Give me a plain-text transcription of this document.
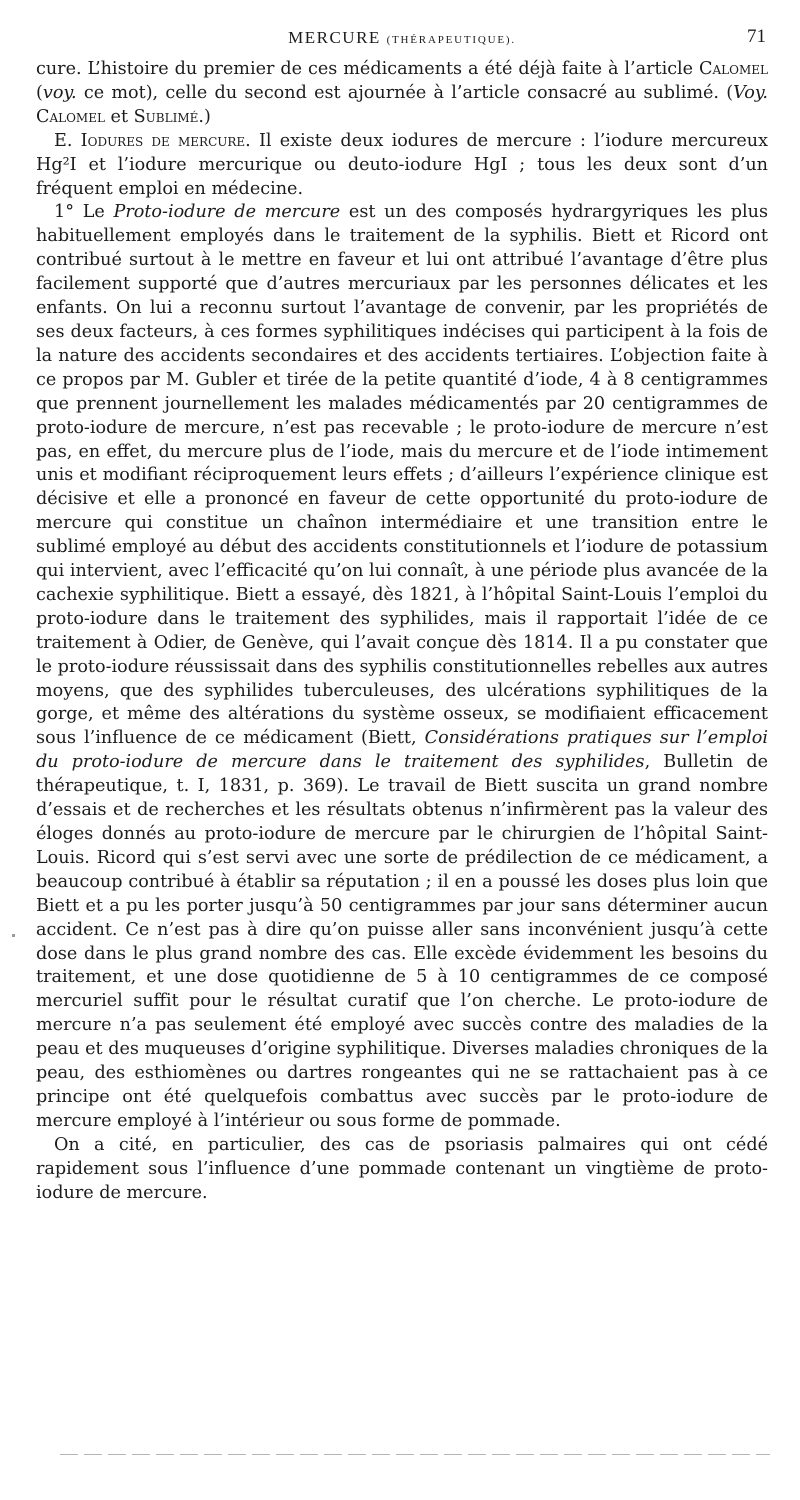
MERCURE (THÉRAPEUTIQUE).	71

cure. L’histoire du premier de ces médicaments a été déjà faite à l’article Calomel (voy. ce mot), celle du second est ajournée à l’article consacré au sublimé. (Voy. Calomel et Sublimé.)

E. Iodures de mercure. Il existe deux iodures de mercure : l’iodure mercureux Hg²I et l’iodure mercurique ou deuto-iodure HgI ; tous les deux sont d’un fréquent emploi en médecine.

1° Le Proto-iodure de mercure est un des composés hydrargyriques les plus habituellement employés dans le traitement de la syphilis. Biett et Ricord ont contribué surtout à le mettre en faveur et lui ont attribué l’avantage d’être plus facilement supporté que d’autres mercuriaux par les personnes délicates et les enfants. On lui a reconnu surtout l’avantage de convenir, par les propriétés de ses deux facteurs, à ces formes syphilitiques indécises qui participent à la fois de la nature des accidents secondaires et des accidents tertiaires. L’objection faite à ce propos par M. Gubler et tirée de la petite quantité d’iode, 4 à 8 centigrammes que prennent journellement les malades médicamentés par 20 centigrammes de proto-iodure de mercure, n’est pas recevable ; le proto-iodure de mercure n’est pas, en effet, du mercure plus de l’iode, mais du mercure et de l’iode intimement unis et modifiant réciproquement leurs effets ; d’ailleurs l’expérience clinique est décisive et elle a prononcé en faveur de cette opportunité du proto-iodure de mercure qui constitue un chaînon intermédiaire et une transition entre le sublimé employé au début des accidents constitutionnels et l’iodure de potassium qui intervient, avec l’efficacité qu’on lui connaît, à une période plus avancée de la cachexie syphilitique. Biett a essayé, dès 1821, à l’hôpital Saint-Louis l’emploi du proto-iodure dans le traitement des syphilides, mais il rapportait l’idée de ce traitement à Odier, de Genève, qui l’avait conçue dès 1814. Il a pu constater que le proto-iodure réussissait dans des syphilis constitutionnelles rebelles aux autres moyens, que des syphilides tuberculeuses, des ulcérations syphilitiques de la gorge, et même des altérations du système osseux, se modifiaient efficacement sous l’influence de ce médicament (Biett, Considérations pratiques sur l’emploi du proto-iodure de mercure dans le traitement des syphilides, Bulletin de thérapeutique, t. I, 1831, p. 369). Le travail de Biett suscita un grand nombre d’essais et de recherches et les résultats obtenus n’infirmèrent pas la valeur des éloges donnés au proto-iodure de mercure par le chirurgien de l’hôpital Saint-Louis. Ricord qui s’est servi avec une sorte de prédilection de ce médicament, a beaucoup contribué à établir sa réputation ; il en a poussé les doses plus loin que Biett et a pu les porter jusqu’à 50 centigrammes par jour sans déterminer aucun accident. Ce n’est pas à dire qu’on puisse aller sans inconvénient jusqu’à cette dose dans le plus grand nombre des cas. Elle excède évidemment les besoins du traitement, et une dose quotidienne de 5 à 10 centigrammes de ce composé mercuriel suffit pour le résultat curatif que l’on cherche. Le proto-iodure de mercure n’a pas seulement été employé avec succès contre des maladies de la peau et des muqueuses d’origine syphilitique. Diverses maladies chroniques de la peau, des esthiomènes ou dartres rongeantes qui ne se rattachaient pas à ce principe ont été quelquefois combattus avec succès par le proto-iodure de mercure employé à l’intérieur ou sous forme de pommade.

On a cité, en particulier, des cas de psoriasis palmaires qui ont cédé rapidement sous l’influence d’une pommade contenant un vingtième de proto-iodure de mercure.
